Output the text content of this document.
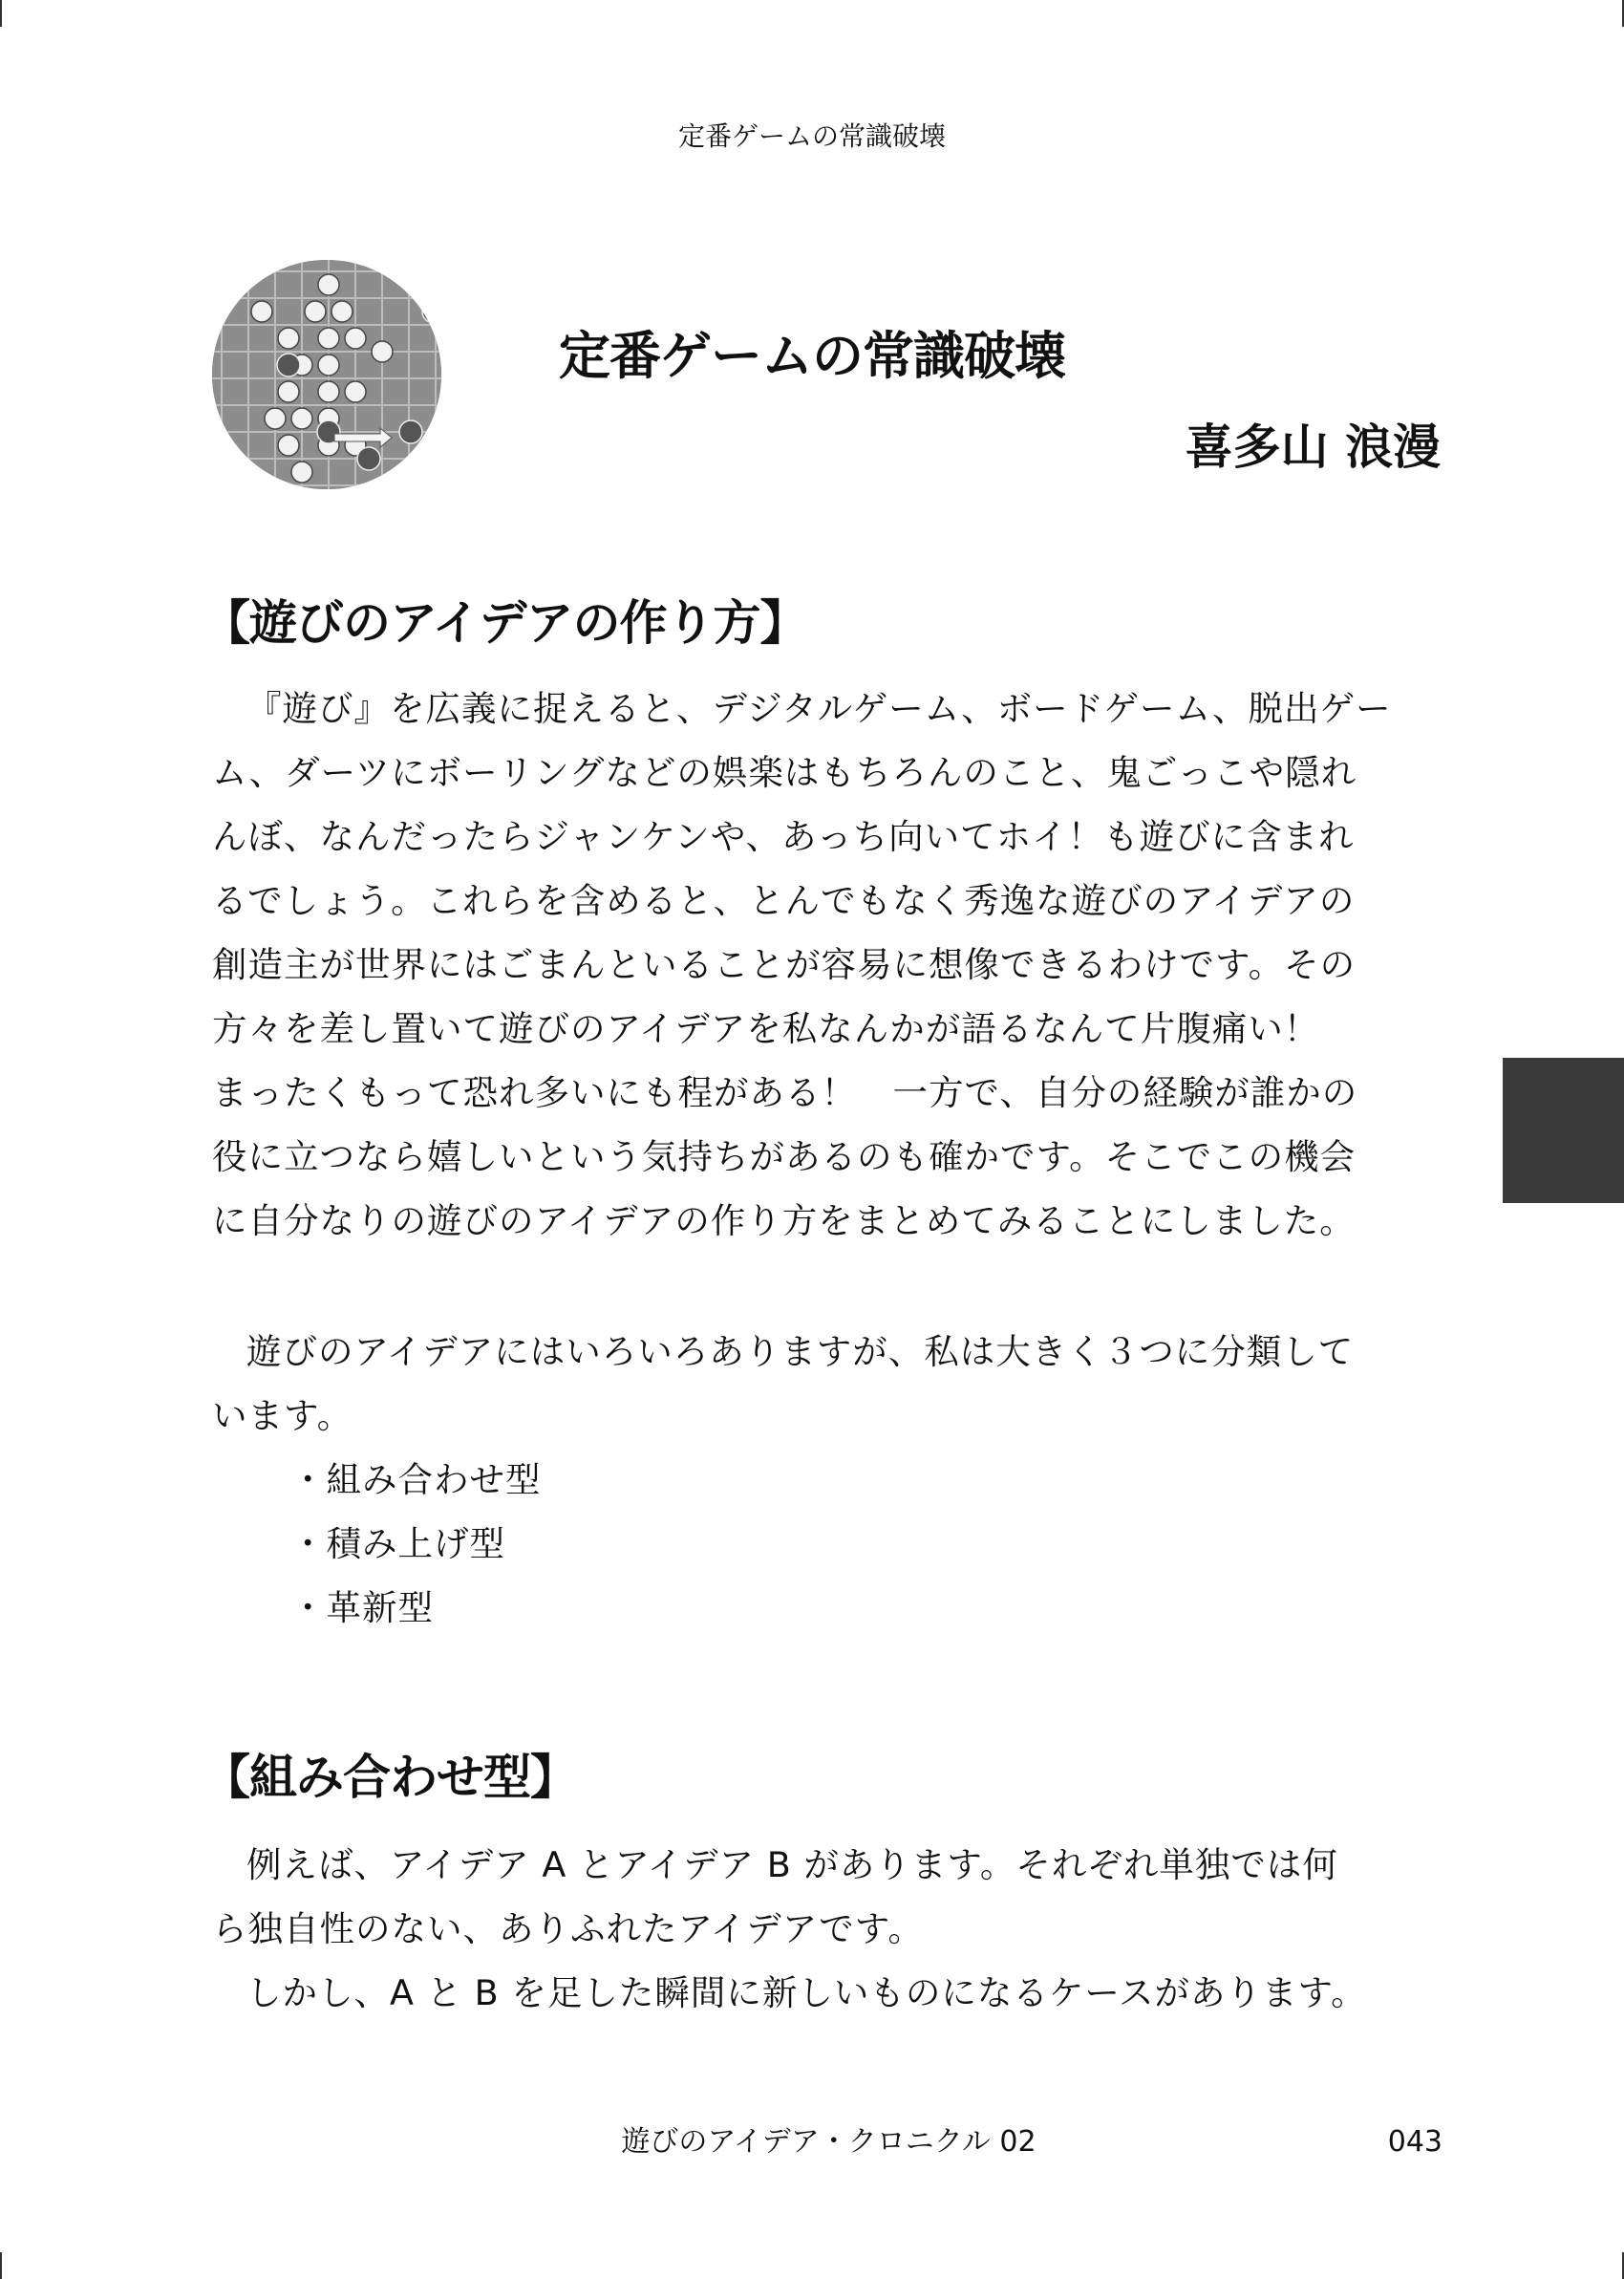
定番ゲームの常識破壊
定番ゲームの常識破壊
喜多山 浪漫
【遊びのアイデアの作り方】
『遊び』を広義に捉えると、デジタルゲーム、ボードゲーム、脱出ゲー
ム、ダーツにボーリングなどの娯楽はもちろんのこと、鬼ごっこや隠れ
んぼ、なんだったらジャンケンや、あっち向いてホイ！も遊びに含まれ
るでしょう。これらを含めると、とんでもなく秀逸な遊びのアイデアの
創造主が世界にはごまんといることが容易に想像できるわけです。その
方々を差し置いて遊びのアイデアを私なんかが語るなんて片腹痛い！
まったくもって恐れ多いにも程がある！　一方で、自分の経験が誰かの
役に立つなら嬉しいという気持ちがあるのも確かです。そこでこの機会
に自分なりの遊びのアイデアの作り方をまとめてみることにしました。
遊びのアイデアにはいろいろありますが、私は大きく３つに分類して
います。
・組み合わせ型
・積み上げ型
・革新型
【組み合わせ型】
例えば、アイデア A とアイデア B があります。それぞれ単独では何
ら独自性のない、ありふれたアイデアです。
しかし、A と B を足した瞬間に新しいものになるケースがあります。
遊びのアイデア・クロニクル 02	043
